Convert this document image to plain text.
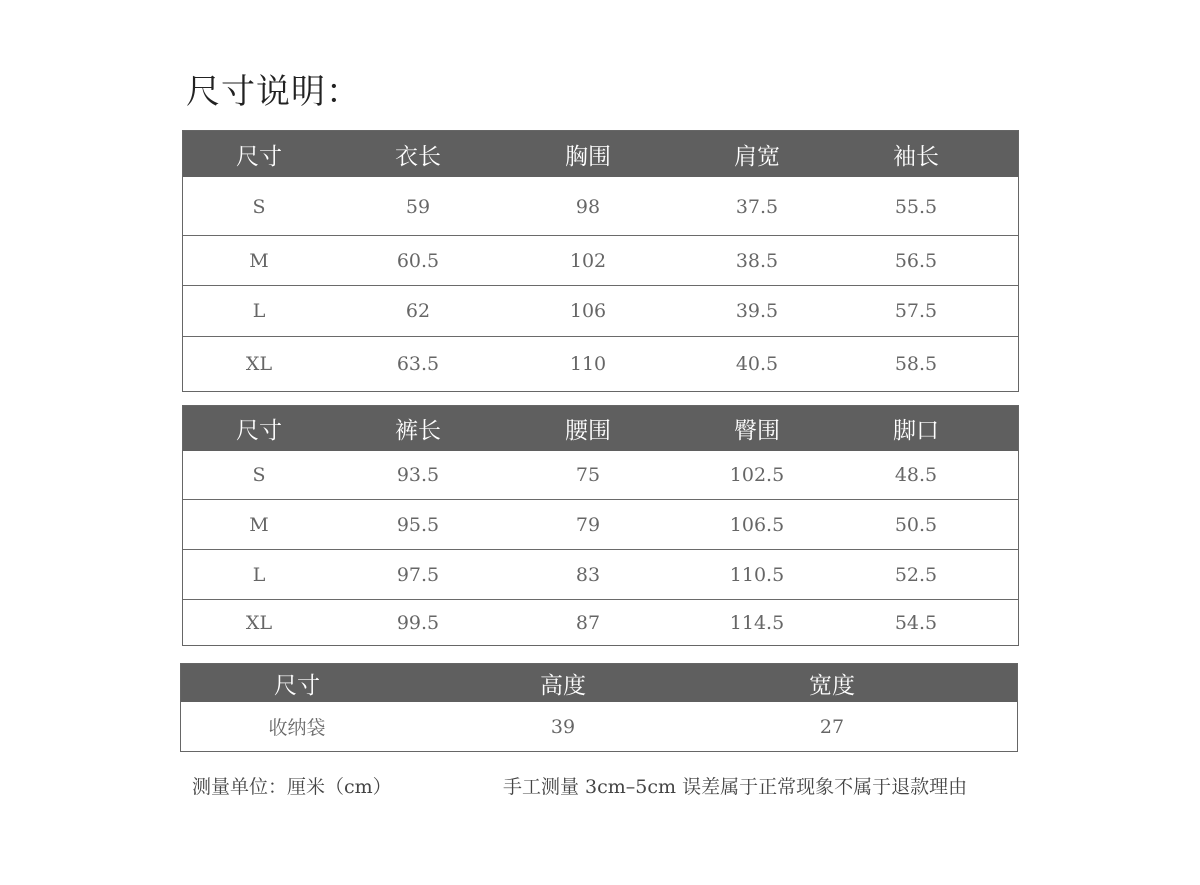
尺寸说明：
尺寸	衣长	胸围	肩宽	袖长
S	59	98	37.5	55.5
M	60.5	102	38.5	56.5
L	62	106	39.5	57.5
XL	63.5	110	40.5	58.5
尺寸	裤长	腰围	臀围	脚口
S	93.5	75	102.5	48.5
M	95.5	79	106.5	50.5
L	97.5	83	110.5	52.5
XL	99.5	87	114.5	54.5
尺寸	高度	宽度
收纳袋	39	27
测量单位：厘米（cm）	手工测量 3cm–5cm 误差属于正常现象不属于退款理由
